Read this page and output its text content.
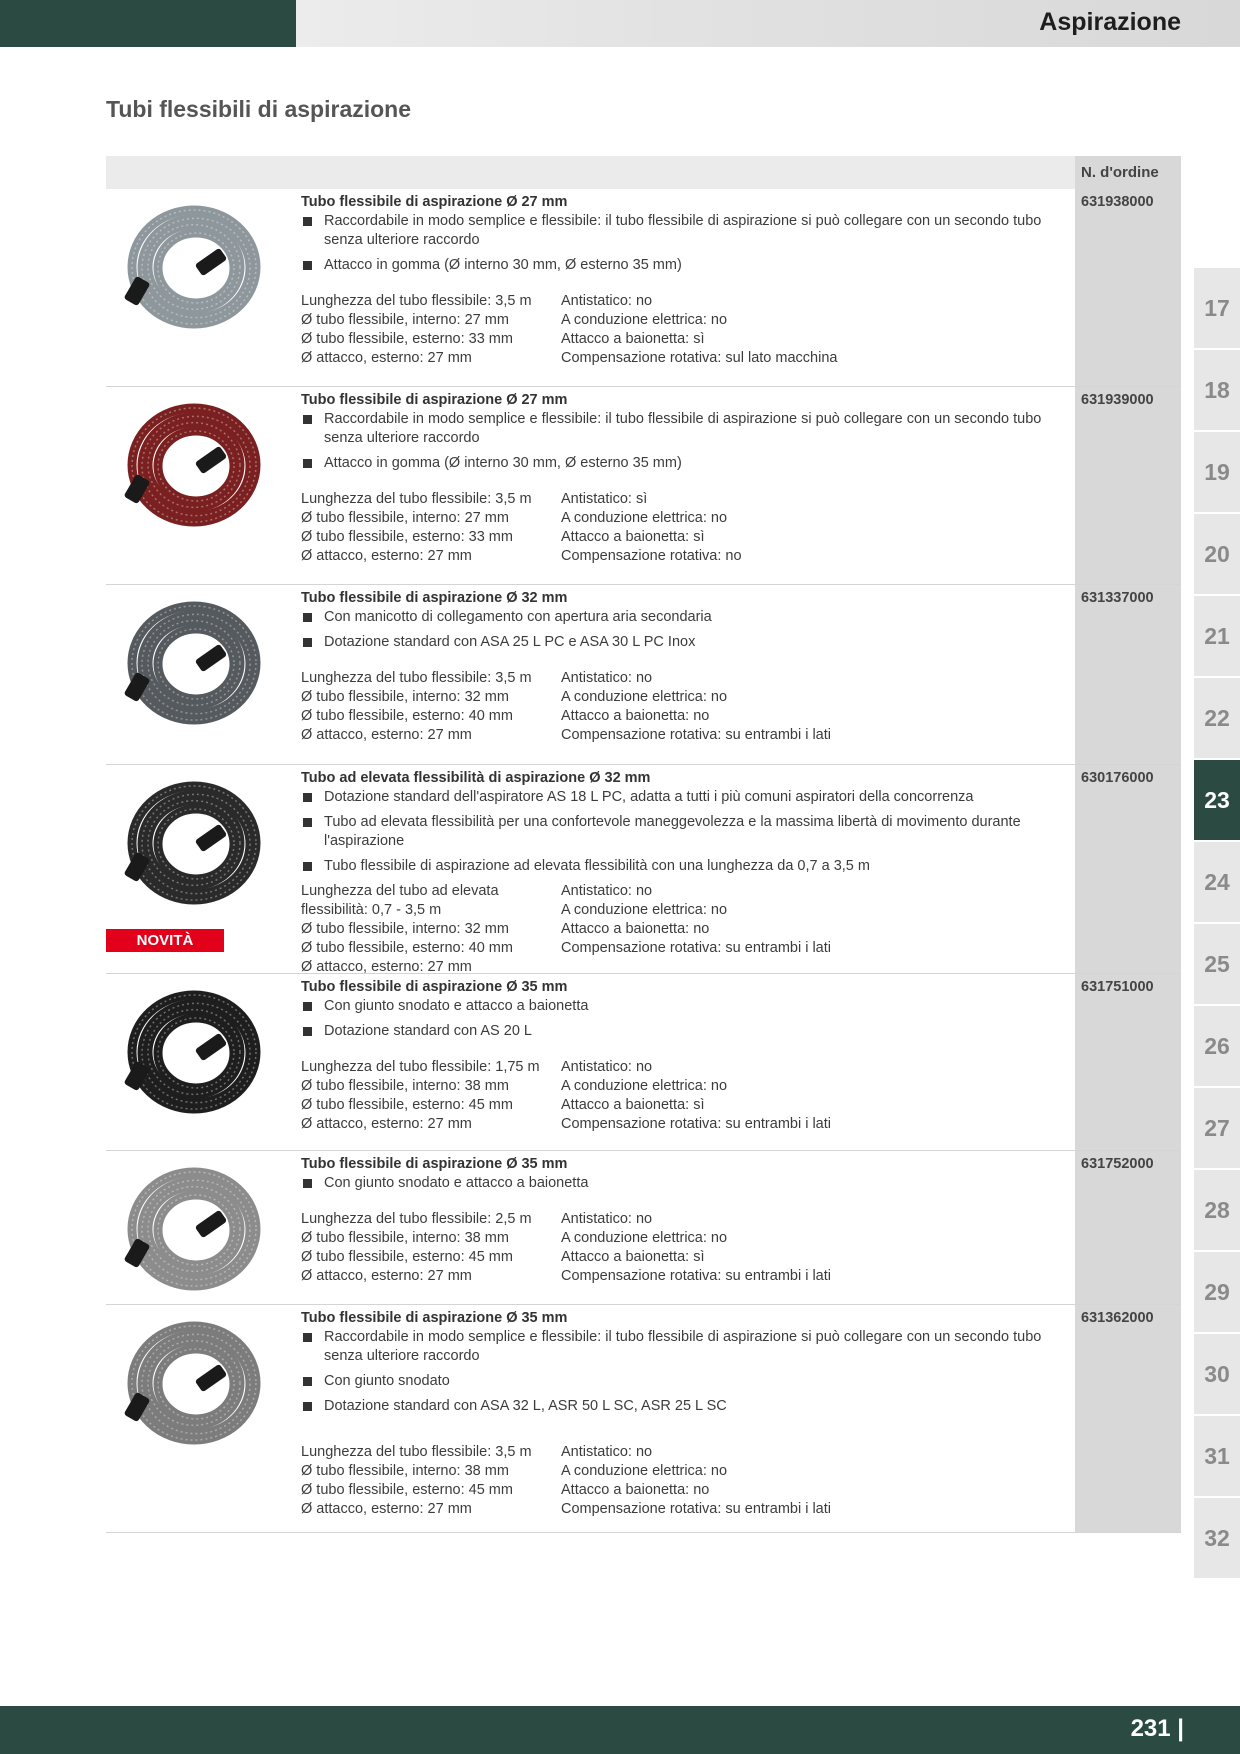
Aspirazione
Tubi flessibili di aspirazione
N. d'ordine
631938000
Tubo flessibile di aspirazione Ø 27 mm
Raccordabile in modo semplice e flessibile: il tubo flessibile di aspirazione si può collegare con un secondo tubo senza ulteriore raccordo
Attacco in gomma (Ø interno 30 mm, Ø esterno 35 mm)
Lunghezza del tubo flessibile: 3,5 m
Ø tubo flessibile, interno: 27 mm
Ø tubo flessibile, esterno: 33 mm
Ø attacco, esterno: 27 mm
Antistatico: no
A conduzione elettrica: no
Attacco a baionetta: sì
Compensazione rotativa: sul lato macchina
631939000
Tubo flessibile di aspirazione Ø 27 mm
Raccordabile in modo semplice e flessibile: il tubo flessibile di aspirazione si può collegare con un secondo tubo senza ulteriore raccordo
Attacco in gomma (Ø interno 30 mm, Ø esterno 35 mm)
Lunghezza del tubo flessibile: 3,5 m
Ø tubo flessibile, interno: 27 mm
Ø tubo flessibile, esterno: 33 mm
Ø attacco, esterno: 27 mm
Antistatico: sì
A conduzione elettrica: no
Attacco a baionetta: sì
Compensazione rotativa: no
631337000
Tubo flessibile di aspirazione Ø 32 mm
Con manicotto di collegamento con apertura aria secondaria
Dotazione standard con ASA 25 L PC e ASA 30 L PC Inox
Lunghezza del tubo flessibile: 3,5 m
Ø tubo flessibile, interno: 32 mm
Ø tubo flessibile, esterno: 40 mm
Ø attacco, esterno: 27 mm
Antistatico: no
A conduzione elettrica: no
Attacco a baionetta: no
Compensazione rotativa: su entrambi i lati
630176000
NOVITÀ
Tubo ad elevata flessibilità di aspirazione Ø 32 mm
Dotazione standard dell'aspiratore AS 18 L PC, adatta a tutti i più comuni aspiratori della concorrenza
Tubo ad elevata flessibilità per una confortevole maneggevolezza e la massima libertà di movimento durante l'aspirazione
Tubo flessibile di aspirazione ad elevata flessibilità con una lunghezza da 0,7 a 3,5 m
Lunghezza del tubo ad elevata flessibilità: 0,7 - 3,5 m
Ø tubo flessibile, interno: 32 mm
Ø tubo flessibile, esterno: 40 mm
Ø attacco, esterno: 27 mm
Antistatico: no
A conduzione elettrica: no
Attacco a baionetta: no
Compensazione rotativa: su entrambi i lati
631751000
Tubo flessibile di aspirazione Ø 35 mm
Con giunto snodato e attacco a baionetta
Dotazione standard con AS 20 L
Lunghezza del tubo flessibile: 1,75 m
Ø tubo flessibile, interno: 38 mm
Ø tubo flessibile, esterno: 45 mm
Ø attacco, esterno: 27 mm
Antistatico: no
A conduzione elettrica: no
Attacco a baionetta: sì
Compensazione rotativa: su entrambi i lati
631752000
Tubo flessibile di aspirazione Ø 35 mm
Con giunto snodato e attacco a baionetta
Lunghezza del tubo flessibile: 2,5 m
Ø tubo flessibile, interno: 38 mm
Ø tubo flessibile, esterno: 45 mm
Ø attacco, esterno: 27 mm
Antistatico: no
A conduzione elettrica: no
Attacco a baionetta: sì
Compensazione rotativa: su entrambi i lati
631362000
Tubo flessibile di aspirazione Ø 35 mm
Raccordabile in modo semplice e flessibile: il tubo flessibile di aspirazione si può collegare con un secondo tubo senza ulteriore raccordo
Con giunto snodato
Dotazione standard con ASA 32 L, ASR 50 L SC, ASR 25 L SC
Lunghezza del tubo flessibile: 3,5 m
Ø tubo flessibile, interno: 38 mm
Ø tubo flessibile, esterno: 45 mm
Ø attacco, esterno: 27 mm
Antistatico: no
A conduzione elettrica: no
Attacco a baionetta: no
Compensazione rotativa: su entrambi i lati
17
18
19
20
21
22
23
24
25
26
27
28
29
30
31
32
231 |
